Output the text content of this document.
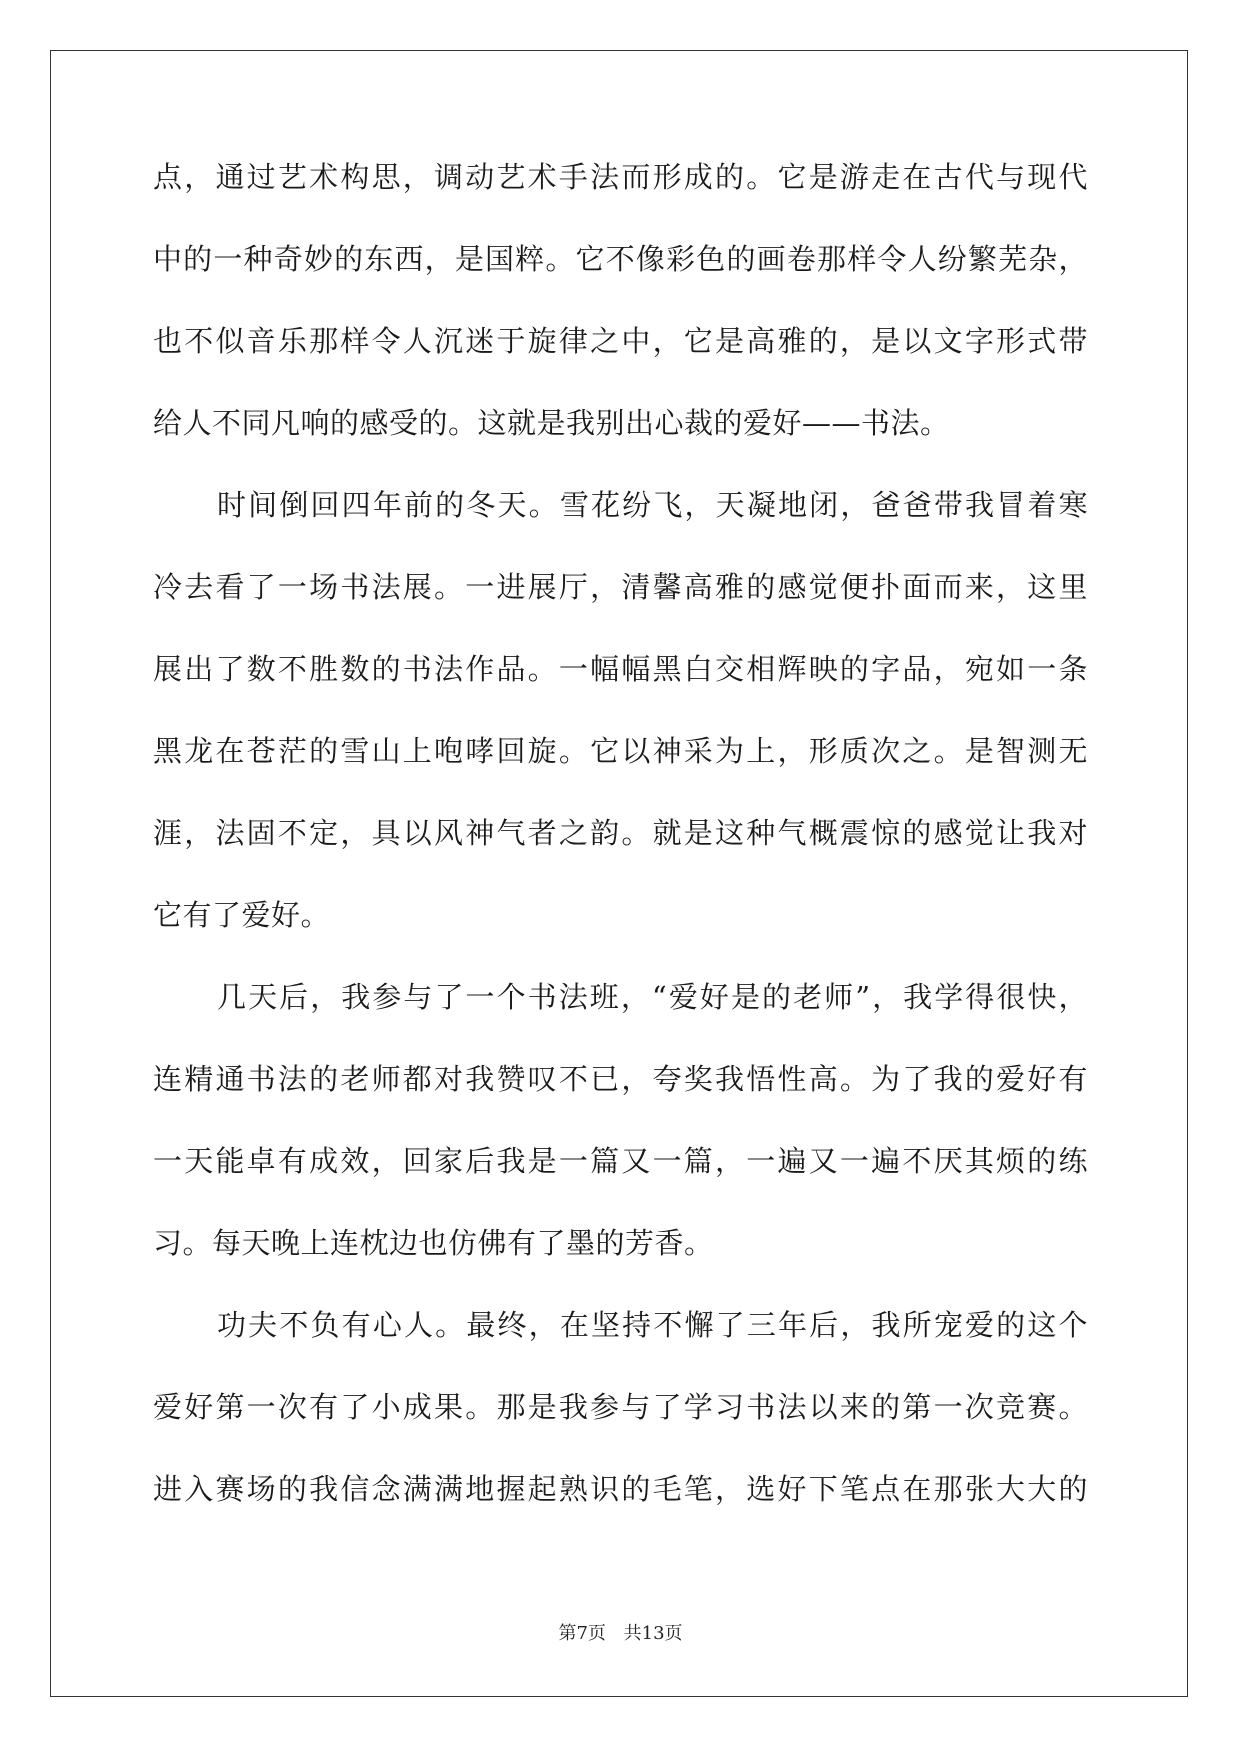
点，通过艺术构思，调动艺术手法而形成的。它是游走在古代与现代
中的一种奇妙的东西，是国粹。它不像彩色的画卷那样令人纷繁芜杂，
也不似音乐那样令人沉迷于旋律之中，它是高雅的，是以文字形式带
给人不同凡响的感受的。这就是我别出心裁的爱好——书法。
时间倒回四年前的冬天。雪花纷飞，天凝地闭，爸爸带我冒着寒
冷去看了一场书法展。一进展厅，清馨高雅的感觉便扑面而来，这里
展出了数不胜数的书法作品。一幅幅黑白交相辉映的字品，宛如一条
黑龙在苍茫的雪山上咆哮回旋。它以神采为上，形质次之。是智测无
涯，法固不定，具以风神气者之韵。就是这种气概震惊的感觉让我对
它有了爱好。
几天后，我参与了一个书法班，“爱好是的老师”，我学得很快，
连精通书法的老师都对我赞叹不已，夸奖我悟性高。为了我的爱好有
一天能卓有成效，回家后我是一篇又一篇，一遍又一遍不厌其烦的练
习。每天晚上连枕边也仿佛有了墨的芳香。
功夫不负有心人。最终，在坚持不懈了三年后，我所宠爱的这个
爱好第一次有了小成果。那是我参与了学习书法以来的第一次竞赛。
进入赛场的我信念满满地握起熟识的毛笔，选好下笔点在那张大大的
第7页 共13页
